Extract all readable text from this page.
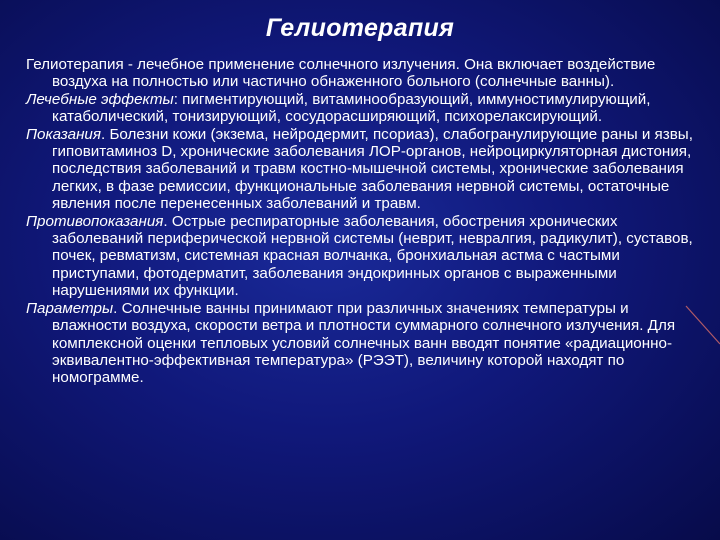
Гелиотерапия

Гелиотерапия - лечебное применение солнечного излучения. Она включает воздействие воздуха на полностью или частично обнаженного больного (солнечные ванны).

Лечебные эффекты: пигментирующий, витаминообразующий, иммуностимулирующий, катаболический, тонизирующий, сосудорасширяющий, психорелаксирующий.

Показания. Болезни кожи (экзема, нейродермит, псориаз), слабогранулирующие раны и язвы, гиповитаминоз D, хронические заболевания ЛОР-органов, нейроциркуляторная дистония, последствия заболеваний и травм костно-мышечной системы, хронические заболевания легких, в фазе ремиссии, функциональные заболевания нервной системы, остаточные явления после перенесенных заболеваний и травм.

Противопоказания. Острые респираторные заболевания, обострения хронических заболеваний периферической нервной системы (неврит, невралгия, радикулит), суставов, почек, ревматизм, системная красная волчанка, бронхиальная астма с частыми приступами, фотодерматит, заболевания эндокринных органов с выраженными нарушениями их функции.

Параметры. Солнечные ванны принимают при различных значениях температуры и влажности воздуха, скорости ветра и плотности суммарного солнечного излучения. Для комплексной оценки тепловых условий солнечных ванн вводят понятие «радиационно-эквивалентно-эффективная температура» (РЭЭТ), величину которой находят по номограмме.
